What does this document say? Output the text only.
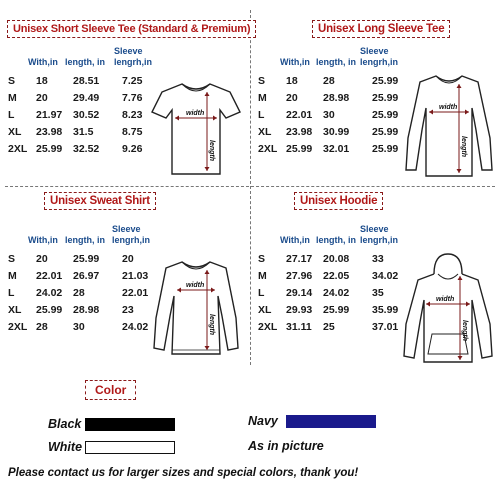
Unisex Short Sleeve Tee (Standard & Premium)
With,in length, in
Sleeve
lengrh,in
S	18	28.51	7.25
M	20	29.49	7.76
L	21.97	30.52	8.23
XL	23.98	31.5	8.75
2XL	25.99	32.52	9.26
width
length
Unisex Long Sleeve Tee
With,in length, in
Sleeve
lengrh,in
S	18	28	25.99
M	20	28.98	25.99
L	22.01	30	25.99
XL	23.98	30.99	25.99
2XL	25.99	32.01	25.99
width
length
Unisex Sweat Shirt
With,in length, in
Sleeve
lengrh,in
S	20	25.99	20
M	22.01	26.97	21.03
L	24.02	28	22.01
XL	25.99	28.98	23
2XL	28	30	24.02
width
length
Unisex Hoodie
With,in length, in
Sleeve
lengrh,in
S	27.17	20.08	33
M	27.96	22.05	34.02
L	29.14	24.02	35
XL	29.93	25.99	35.99
2XL	31.11	25	37.01
width
length
Color
Black
White
Navy
As in picture
Please contact us for larger sizes and special colors, thank you!
